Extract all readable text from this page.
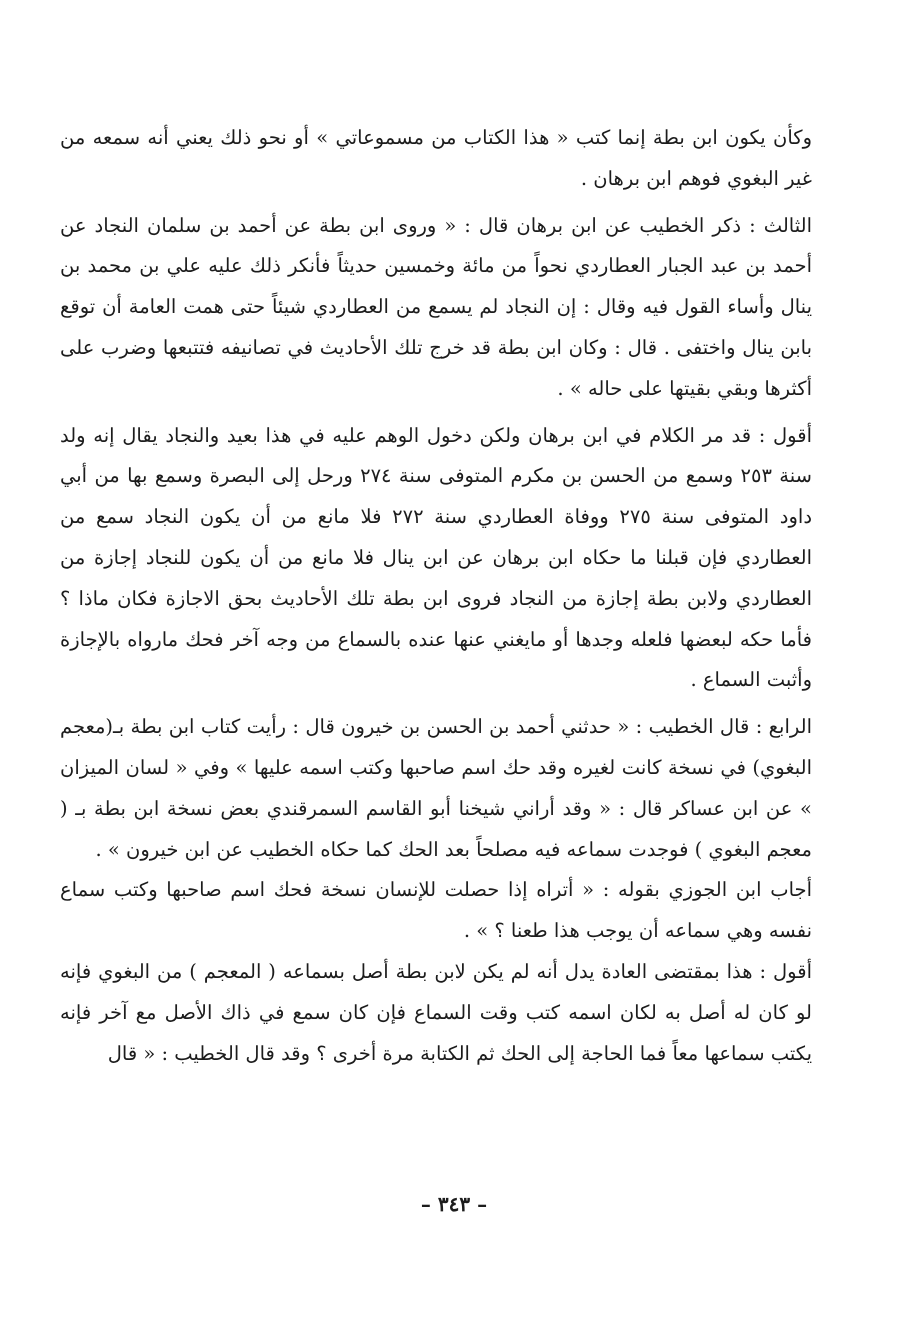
وكأن يكون ابن بطة إنما كتب « هذا الكتاب من مسموعاتي » أو نحو ذلك يعني أنه سمعه من غير البغوي فوهم ابن برهان .

الثالث : ذكر الخطيب عن ابن برهان قال : « وروى ابن بطة عن أحمد بن سلمان النجاد عن أحمد بن عبد الجبار العطاردي نحواً من مائة وخمسين حديثاً فأنكر ذلك عليه علي بن محمد بن ينال وأساء القول فيه وقال : إن النجاد لم يسمع من العطاردي شيئاً حتى همت العامة أن توقع بابن ينال واختفى . قال : وكان ابن بطة قد خرج تلك الأحاديث في تصانيفه فتتبعها وضرب على أكثرها وبقي بقيتها على حاله » .

أقول : قد مر الكلام في ابن برهان ولكن دخول الوهم عليه في هذا بعيد والنجاد يقال إنه ولد سنة ٢٥٣ وسمع من الحسن بن مكرم المتوفى سنة ٢٧٤ ورحل إلى البصرة وسمع بها من أبي داود المتوفى سنة ٢٧٥ ووفاة العطاردي سنة ٢٧٢ فلا مانع من أن يكون النجاد سمع من العطاردي فإن قبلنا ما حكاه ابن برهان عن ابن ينال فلا مانع من أن يكون للنجاد إجازة من العطاردي ولابن بطة إجازة من النجاد فروى ابن بطة تلك الأحاديث بحق الاجازة فكان ماذا ؟ فأما حكه لبعضها فلعله وجدها أو مايغني عنها عنده بالسماع من وجه آخر فحك مارواه بالإجازة وأثبت السماع .

الرابع : قال الخطيب : « حدثني أحمد بن الحسن بن خيرون قال : رأيت كتاب ابن بطة بـ(معجم البغوي) في نسخة كانت لغيره وقد حك اسم صاحبها وكتب اسمه عليها » وفي « لسان الميزان » عن ابن عساكر قال : « وقد أراني شيخنا أبو القاسم السمرقندي بعض نسخة ابن بطة بـ ( معجم البغوي ) فوجدت سماعه فيه مصلحاً بعد الحك كما حكاه الخطيب عن ابن خيرون » .

أجاب ابن الجوزي بقوله : « أتراه إذا حصلت للإنسان نسخة فحك اسم صاحبها وكتب سماع نفسه وهي سماعه أن يوجب هذا طعنا ؟ » .

أقول : هذا بمقتضى العادة يدل أنه لم يكن لابن بطة أصل بسماعه ( المعجم ) من البغوي فإنه لو كان له أصل به لكان اسمه كتب وقت السماع فإن كان سمع في ذاك الأصل مع آخر فإنه يكتب سماعها معاً فما الحاجة إلى الحك ثم الكتابة مرة أخرى ؟ وقد قال الخطيب : « قال

– ٣٤٣ –
